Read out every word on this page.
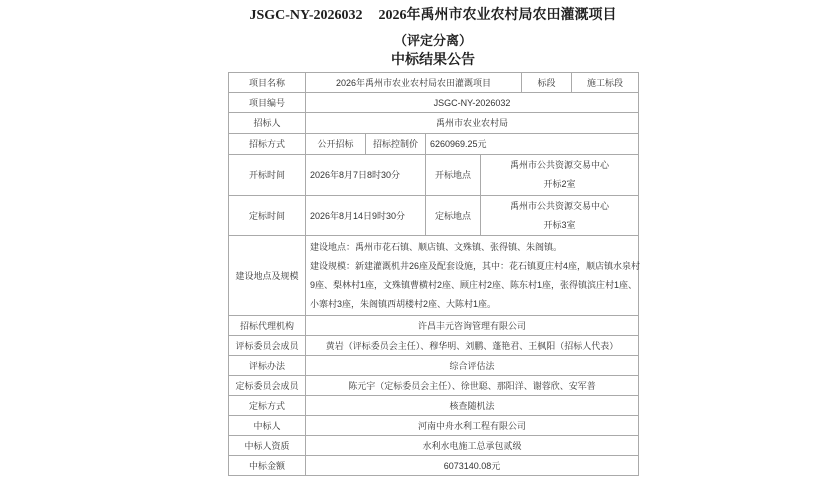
JSGC-NY-2026032 2026年禹州市农业农村局农田灌溉项目
（评定分离）
中标结果公告
项目名称	2026年禹州市农业农村局农田灌溉项目				标段	施工标段
项目编号	JSGC-NY-2026032					
招标人	禹州市农业农村局					
招标方式	公开招标	招标控制价	6260969.25元			
开标时间	2026年8月7日8时30分		开标地点	禹州市公共资源交易中心
开标2室		

定标时间	2026年8月14日9时30分		定标地点	禹州市公共资源交易中心
开标3室		

建设地点及规模	建设地点：禹州市花石镇、顺店镇、文殊镇、张得镇、朱阁镇。
建设规模：新建灌溉机井26座及配套设施，其中：花石镇夏庄村4座，顺店镇水泉村
9座、梨林村1座，文殊镇曹横村2座、顾庄村2座、陈东村1座，张得镇滨庄村1座、
小寨村3座，朱阁镇西胡楼村2座、大陈村1座。					

招标代理机构	许昌丰元咨询管理有限公司					
评标委员会成员	黄岩（评标委员会主任）、穆华明、刘鹏、蓬艳君、王枫阳（招标人代表）					
评标办法	综合评估法					
定标委员会成员	陈元宇（定标委员会主任）、徐世聪、那阳洋、谢蓉欣、安军普					
定标方式	核查随机法					
中标人	河南中舟水利工程有限公司					
中标人资质	水利水电施工总承包贰级					
中标金额	6073140.08元					
